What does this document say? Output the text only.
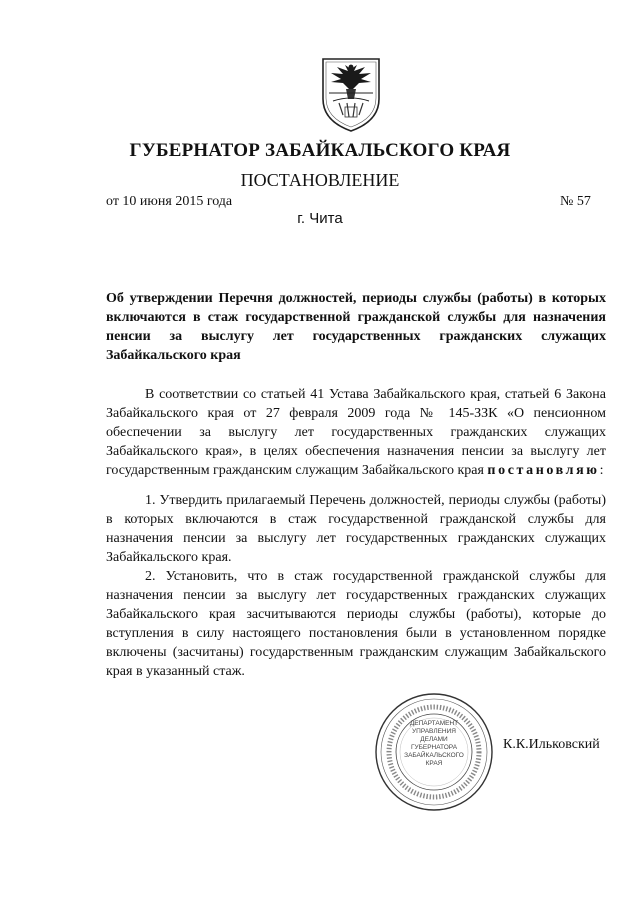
ГУБЕРНАТОР ЗАБАЙКАЛЬСКОГО КРАЯ
ПОСТАНОВЛЕНИЕ
от 10 июня 2015 года	№ 57
г. Чита
Об утверждении Перечня должностей, периоды службы (работы) в которых включаются в стаж государственной гражданской службы для назначения пенсии за выслугу лет государственных гражданских служащих Забайкальского края

В соответствии со статьей 41 Устава Забайкальского края, статьей 6 Закона Забайкальского края от 27 февраля 2009 года № 145-ЗЗК «О пенсионном обеспечении за выслугу лет государственных гражданских служащих Забайкальского края», в целях обеспечения назначения пенсии за выслугу лет государственным гражданским служащим Забайкальского края постановляю:

1. Утвердить прилагаемый Перечень должностей, периоды службы (работы) в которых включаются в стаж государственной гражданской службы для назначения пенсии за выслугу лет государственных гражданских служащих Забайкальского края.

2. Установить, что в стаж государственной гражданской службы для назначения пенсии за выслугу лет государственных гражданских служащих Забайкальского края засчитываются периоды службы (работы), которые до вступления в силу настоящего постановления были в установленном порядке включены (засчитаны) государственным гражданским служащим Забайкальского края в указанный стаж.

ДЕПАРТАМЕНТ
УПРАВЛЕНИЯ
ДЕЛАМИ
ГУБЕРНАТОРА
ЗАБАЙКАЛЬСКОГО
КРАЯ
К.К.Ильковский
